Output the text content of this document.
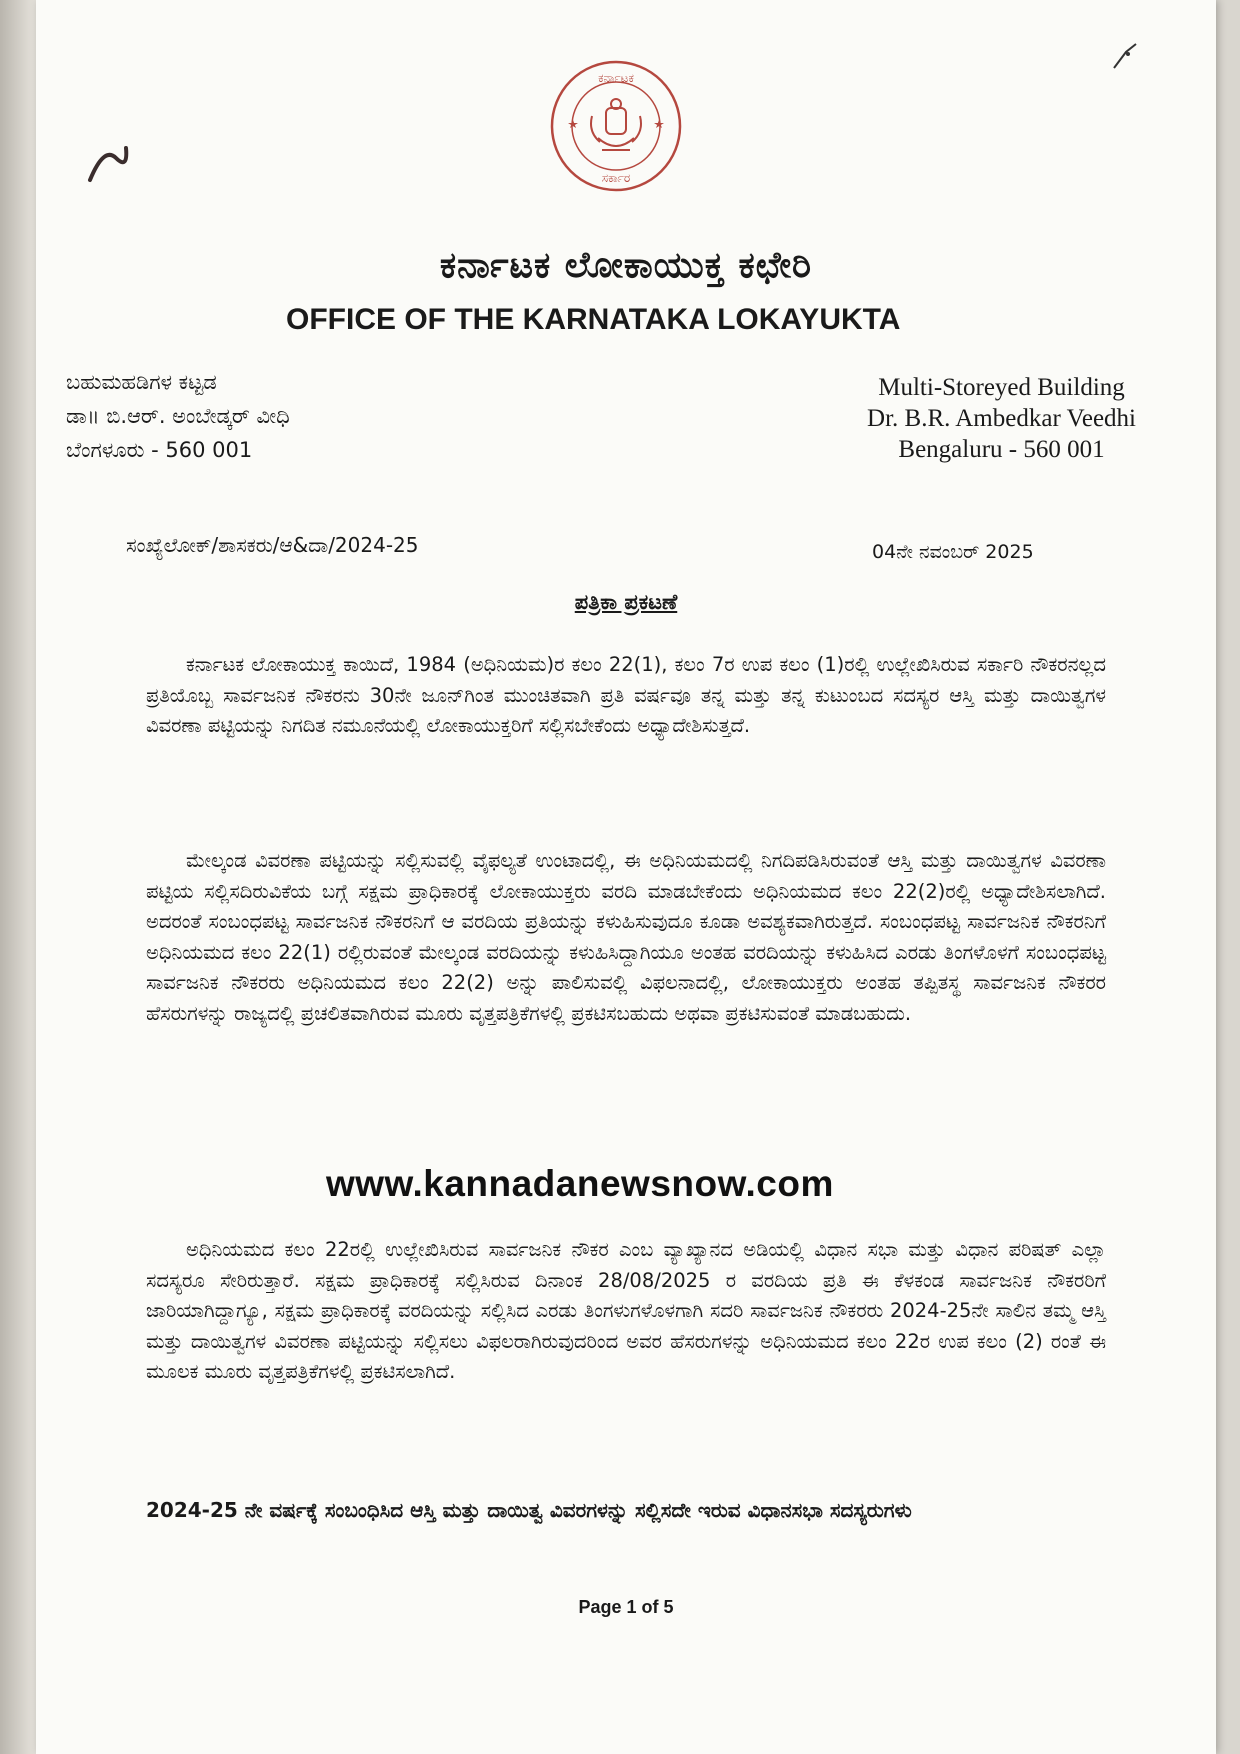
ಕರ್ನಾಟಕ
ಸರ್ಕಾರ
ಕರ್ನಾಟಕ ಲೋಕಾಯುಕ್ತ ಕಛೇರಿ
OFFICE OF THE KARNATAKA LOKAYUKTA
ಬಹುಮಹಡಿಗಳ ಕಟ್ಟಡ
ಡಾ॥ ಬಿ.ಆರ್. ಅಂಬೇಡ್ಕರ್ ವೀಧಿ
ಬೆಂಗಳೂರು - 560 001
Multi-Storeyed Building
Dr. B.R. Ambedkar Veedhi
Bengaluru - 560 001
ಸಂಖ್ಯೆಲೋಕ್/ಶಾಸಕರು/ಆ&ದಾ/2024-25	04ನೇ ನವಂಬರ್ 2025
ಪತ್ರಿಕಾ ಪ್ರಕಟಣೆ
ಕರ್ನಾಟಕ ಲೋಕಾಯುಕ್ತ ಕಾಯಿದೆ, 1984 (ಅಧಿನಿಯಮ)ರ ಕಲಂ 22(1), ಕಲಂ 7ರ ಉಪ ಕಲಂ (1)ರಲ್ಲಿ ಉಲ್ಲೇಖಿಸಿರುವ ಸರ್ಕಾರಿ ನೌಕರನಲ್ಲದ ಪ್ರತಿಯೊಬ್ಬ ಸಾರ್ವಜನಿಕ ನೌಕರನು 30ನೇ ಜೂನ್‌ಗಿಂತ ಮುಂಚಿತವಾಗಿ ಪ್ರತಿ ವರ್ಷವೂ ತನ್ನ ಮತ್ತು ತನ್ನ ಕುಟುಂಬದ ಸದಸ್ಯರ ಆಸ್ತಿ ಮತ್ತು ದಾಯಿತ್ವಗಳ ವಿವರಣಾ ಪಟ್ಟಿಯನ್ನು ನಿಗದಿತ ನಮೂನೆಯಲ್ಲಿ ಲೋಕಾಯುಕ್ತರಿಗೆ ಸಲ್ಲಿಸಬೇಕೆಂದು ಅಧ್ಯಾದೇಶಿಸುತ್ತದೆ.
ಮೇಲ್ಕಂಡ ವಿವರಣಾ ಪಟ್ಟಿಯನ್ನು ಸಲ್ಲಿಸುವಲ್ಲಿ ವೈಫಲ್ಯತೆ ಉಂಟಾದಲ್ಲಿ, ಈ ಅಧಿನಿಯಮದಲ್ಲಿ ನಿಗದಿಪಡಿಸಿರುವಂತೆ ಆಸ್ತಿ ಮತ್ತು ದಾಯಿತ್ವಗಳ ವಿವರಣಾ ಪಟ್ಟಿಯ ಸಲ್ಲಿಸದಿರುವಿಕೆಯ ಬಗ್ಗೆ ಸಕ್ಷಮ ಪ್ರಾಧಿಕಾರಕ್ಕೆ ಲೋಕಾಯುಕ್ತರು ವರದಿ ಮಾಡಬೇಕೆಂದು ಅಧಿನಿಯಮದ ಕಲಂ 22(2)ರಲ್ಲಿ ಅಧ್ಯಾದೇಶಿಸಲಾಗಿದೆ. ಅದರಂತೆ ಸಂಬಂಧಪಟ್ಟ ಸಾರ್ವಜನಿಕ ನೌಕರನಿಗೆ ಆ ವರದಿಯ ಪ್ರತಿಯನ್ನು ಕಳುಹಿಸುವುದೂ ಕೂಡಾ ಅವಶ್ಯಕವಾಗಿರುತ್ತದೆ. ಸಂಬಂಧಪಟ್ಟ ಸಾರ್ವಜನಿಕ ನೌಕರನಿಗೆ ಅಧಿನಿಯಮದ ಕಲಂ 22(1) ರಲ್ಲಿರುವಂತೆ ಮೇಲ್ಕಂಡ ವರದಿಯನ್ನು ಕಳುಹಿಸಿದ್ದಾಗಿಯೂ ಅಂತಹ ವರದಿಯನ್ನು ಕಳುಹಿಸಿದ ಎರಡು ತಿಂಗಳೊಳಗೆ ಸಂಬಂಧಪಟ್ಟ ಸಾರ್ವಜನಿಕ ನೌಕರರು ಅಧಿನಿಯಮದ ಕಲಂ 22(2) ಅನ್ನು ಪಾಲಿಸುವಲ್ಲಿ ವಿಫಲನಾದಲ್ಲಿ, ಲೋಕಾಯುಕ್ತರು ಅಂತಹ ತಪ್ಪಿತಸ್ಥ ಸಾರ್ವಜನಿಕ ನೌಕರರ ಹೆಸರುಗಳನ್ನು ರಾಜ್ಯದಲ್ಲಿ ಪ್ರಚಲಿತವಾಗಿರುವ ಮೂರು ವೃತ್ತಪತ್ರಿಕೆಗಳಲ್ಲಿ ಪ್ರಕಟಿಸಬಹುದು ಅಥವಾ ಪ್ರಕಟಿಸುವಂತೆ ಮಾಡಬಹುದು.
www.kannadanewsnow.com
ಅಧಿನಿಯಮದ ಕಲಂ 22ರಲ್ಲಿ ಉಲ್ಲೇಖಿಸಿರುವ ಸಾರ್ವಜನಿಕ ನೌಕರ ಎಂಬ ವ್ಯಾಖ್ಯಾನದ ಅಡಿಯಲ್ಲಿ ವಿಧಾನ ಸಭಾ ಮತ್ತು ವಿಧಾನ ಪರಿಷತ್ ಎಲ್ಲಾ ಸದಸ್ಯರೂ ಸೇರಿರುತ್ತಾರೆ. ಸಕ್ಷಮ ಪ್ರಾಧಿಕಾರಕ್ಕೆ ಸಲ್ಲಿಸಿರುವ ದಿನಾಂಕ 28/08/2025 ರ ವರದಿಯ ಪ್ರತಿ ಈ ಕೆಳಕಂಡ ಸಾರ್ವಜನಿಕ ನೌಕರರಿಗೆ ಜಾರಿಯಾಗಿದ್ದಾಗ್ಯೂ, ಸಕ್ಷಮ ಪ್ರಾಧಿಕಾರಕ್ಕೆ ವರದಿಯನ್ನು ಸಲ್ಲಿಸಿದ ಎರಡು ತಿಂಗಳುಗಳೊಳಗಾಗಿ ಸದರಿ ಸಾರ್ವಜನಿಕ ನೌಕರರು 2024-25ನೇ ಸಾಲಿನ ತಮ್ಮ ಆಸ್ತಿ ಮತ್ತು ದಾಯಿತ್ವಗಳ ವಿವರಣಾ ಪಟ್ಟಿಯನ್ನು ಸಲ್ಲಿಸಲು ವಿಫಲರಾಗಿರುವುದರಿಂದ ಅವರ ಹೆಸರುಗಳನ್ನು ಅಧಿನಿಯಮದ ಕಲಂ 22ರ ಉಪ ಕಲಂ (2) ರಂತೆ ಈ ಮೂಲಕ ಮೂರು ವೃತ್ತಪತ್ರಿಕೆಗಳಲ್ಲಿ ಪ್ರಕಟಿಸಲಾಗಿದೆ.
2024-25 ನೇ ವರ್ಷಕ್ಕೆ ಸಂಬಂಧಿಸಿದ ಆಸ್ತಿ ಮತ್ತು ದಾಯಿತ್ವ ವಿವರಗಳನ್ನು ಸಲ್ಲಿಸದೇ ಇರುವ ವಿಧಾನಸಭಾ ಸದಸ್ಯರುಗಳು
Page 1 of 5
